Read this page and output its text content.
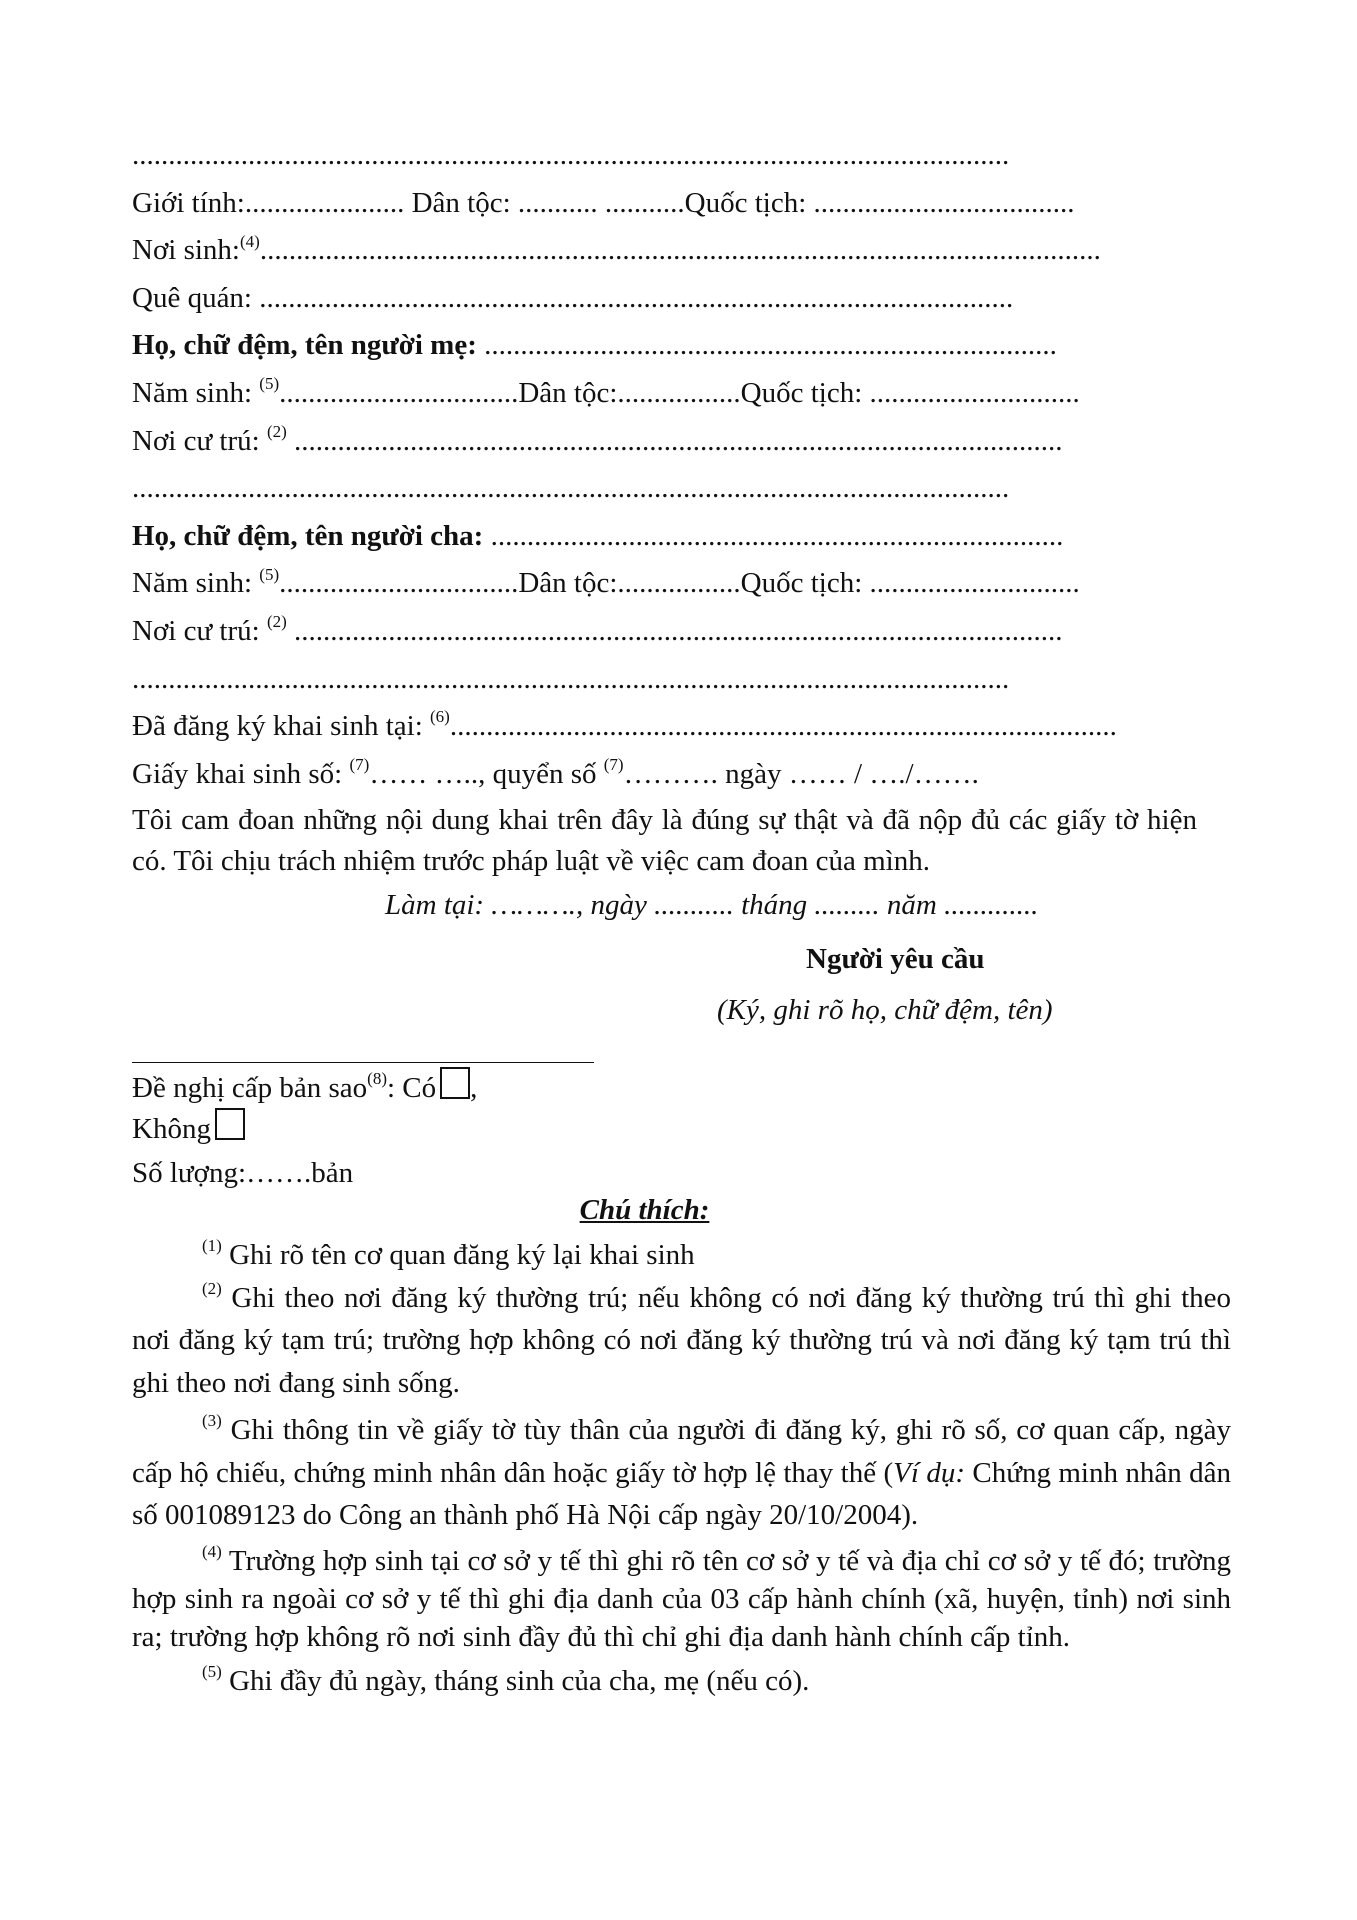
.........................................................................................................................
Giới tính:...................... Dân tộc: ........... ...........Quốc tịch: ....................................
Nơi sinh:$^{(4)}$....................................................................................................................
Quê quán: ........................................................................................................
Họ, chữ đệm, tên người mẹ: ...............................................................................
Năm sinh: $^{(5)}$.................................Dân tộc:.................Quốc tịch: .............................
Nơi cư trú: $^{(2)}$ ..........................................................................................................
.........................................................................................................................
Họ, chữ đệm, tên người cha: ...............................................................................
Năm sinh: $^{(5)}$.................................Dân tộc:.................Quốc tịch: .............................
Nơi cư trú: $^{(2)}$ ..........................................................................................................
.........................................................................................................................
Đã đăng ký khai sinh tại: $^{(6)}$............................................................................................
Giấy khai sinh số: $^{(7)}$…… ….., quyển số $^{(7)}$………. ngày …… / …./…….

Tôi cam đoan những nội dung khai trên đây là đúng sự thật và đã nộp đủ các giấy tờ hiện có. Tôi chịu trách nhiệm trước pháp luật về việc cam đoan của mình.

Làm tại: ………., ngày ........... tháng ......... năm .............
Người yêu cầu
(Ký, ghi rõ họ, chữ đệm, tên)
Đề nghị cấp bản sao$^{(8)}$: Có ,
Không
Số lượng:…….bản
Chú thích:

$^{(1)}$ Ghi rõ tên cơ quan đăng ký lại khai sinh

$^{(2)}$ Ghi theo nơi đăng ký thường trú; nếu không có nơi đăng ký thường trú thì ghi theo nơi đăng ký tạm trú; trường hợp không có nơi đăng ký thường trú và nơi đăng ký tạm trú thì ghi theo nơi đang sinh sống.

$^{(3)}$ Ghi thông tin về giấy tờ tùy thân của người đi đăng ký, ghi rõ số, cơ quan cấp, ngày cấp hộ chiếu, chứng minh nhân dân hoặc giấy tờ hợp lệ thay thế (Ví dụ: Chứng minh nhân dân số 001089123 do Công an thành phố Hà Nội cấp ngày 20/10/2004).

$^{(4)}$ Trường hợp sinh tại cơ sở y tế thì ghi rõ tên cơ sở y tế và địa chỉ cơ sở y tế đó; trường hợp sinh ra ngoài cơ sở y tế thì ghi địa danh của 03 cấp hành chính (xã, huyện, tỉnh) nơi sinh ra; trường hợp không rõ nơi sinh đầy đủ thì chỉ ghi địa danh hành chính cấp tỉnh.

$^{(5)}$ Ghi đầy đủ ngày, tháng sinh của cha, mẹ (nếu có).
